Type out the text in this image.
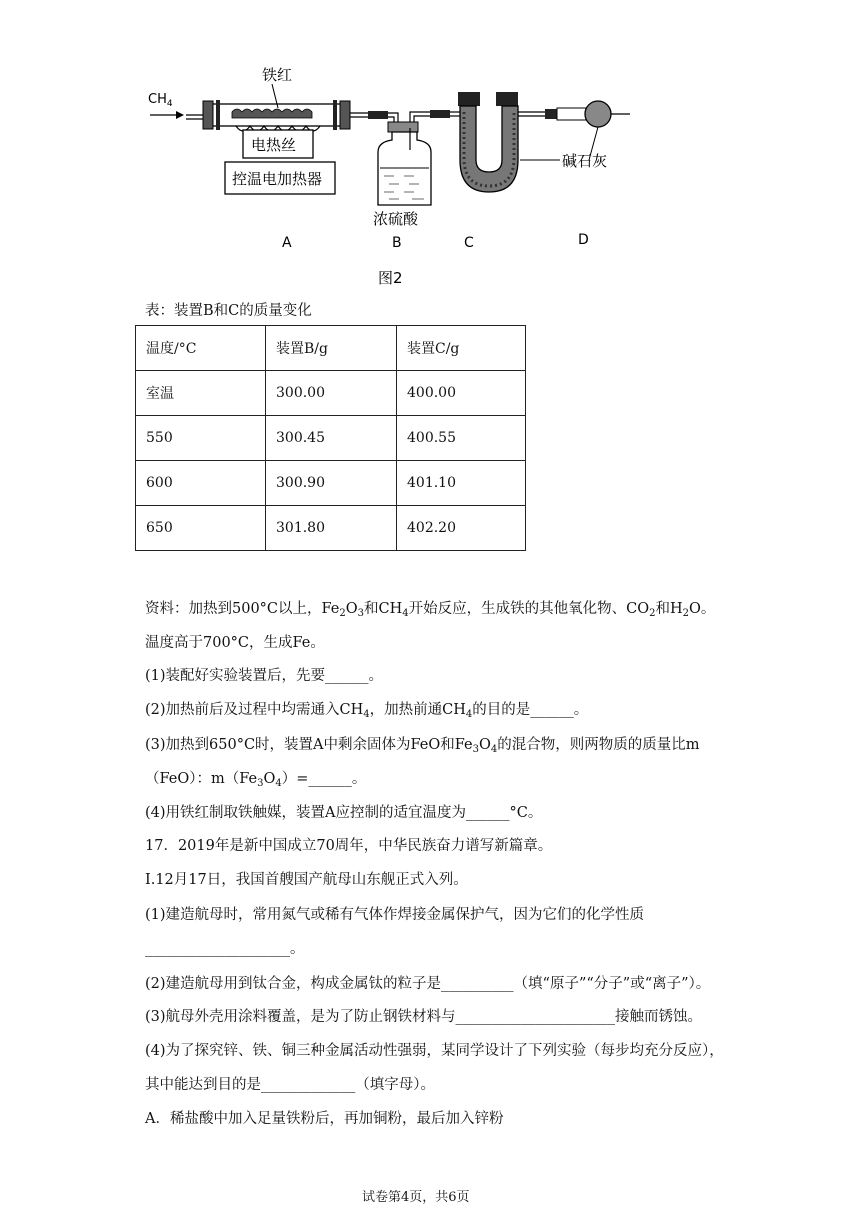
$CH_4$
铁红
电热丝
控温电加热器
浓硫酸
碱石灰
A	B	C	D
图2
表：装置B和C的质量变化
温度/°C	装置B/g	装置C/g
室温	300.00	400.00
550	300.45	400.55
600	300.90	401.10
650	301.80	402.20
资料：加热到500°C以上，$Fe_2O_3$和$CH_4$开始反应，生成铁的其他氧化物、$CO_2$和$H_2O$。
温度高于700°C，生成Fe。
(1)装配好实验装置后，先要______。
(2)加热前后及过程中均需通入$CH_4$，加热前通$CH_4$的目的是______。
(3)加热到650°C时，装置A中剩余固体为FeO和$Fe_3O_4$的混合物，则两物质的质量比m
（FeO）：$m(Fe_3O_4)=\_\_\_\_\_\_$。
(4)用铁红制取铁触媒，装置A应控制的适宜温度为______°C。
17．2019年是新中国成立70周年，中华民族奋力谱写新篇章。
I.12月17日，我国首艘国产航母山东舰正式入列。
(1)建造航母时，常用氮气或稀有气体作焊接金属保护气，因为它们的化学性质
____________________。
(2)建造航母用到钛合金，构成金属钛的粒子是__________（填“原子”“分子”或“离子”）。
(3)航母外壳用涂料覆盖，是为了防止钢铁材料与______________________接触而锈蚀。
(4)为了探究锌、铁、铜三种金属活动性强弱，某同学设计了下列实验（每步均充分反应），
其中能达到目的是_____________（填字母）。
A．稀盐酸中加入足量铁粉后，再加铜粉，最后加入锌粉
试卷第4页，共6页
